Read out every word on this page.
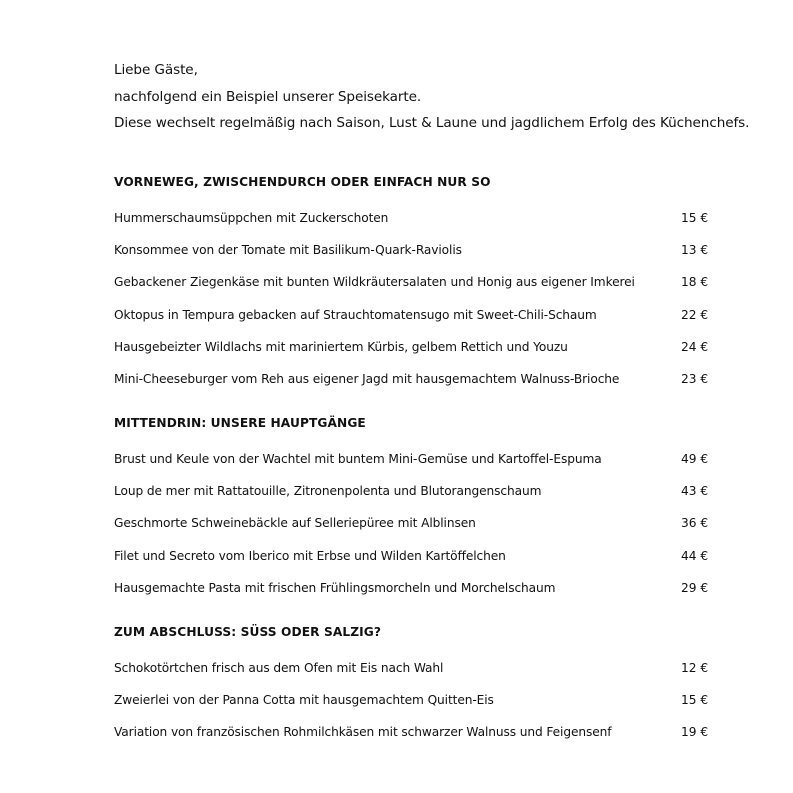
Liebe Gäste,
nachfolgend ein Beispiel unserer Speisekarte.
Diese wechselt regelmäßig nach Saison, Lust & Laune und jagdlichem Erfolg des Küchenchefs.
VORNEWEG, ZWISCHENDURCH ODER EINFACH NUR SO
Hummerschaumsüppchen mit Zuckerschoten	15 €
Konsommee von der Tomate mit Basilikum-Quark-Raviolis	13 €
Gebackener Ziegenkäse mit bunten Wildkräutersalaten und Honig aus eigener Imkerei	18 €
Oktopus in Tempura gebacken auf Strauchtomatensugo mit Sweet-Chili-Schaum	22 €
Hausgebeizter Wildlachs mit mariniertem Kürbis, gelbem Rettich und Youzu	24 €
Mini-Cheeseburger vom Reh aus eigener Jagd mit hausgemachtem Walnuss-Brioche	23 €
MITTENDRIN: UNSERE HAUPTGÄNGE
Brust und Keule von der Wachtel mit buntem Mini-Gemüse und Kartoffel-Espuma	49 €
Loup de mer mit Rattatouille, Zitronenpolenta und Blutorangenschaum	43 €
Geschmorte Schweinebäckle auf Selleriepüree mit Alblinsen	36 €
Filet und Secreto vom Iberico mit Erbse und Wilden Kartöffelchen	44 €
Hausgemachte Pasta mit frischen Frühlingsmorcheln und Morchelschaum	29 €
ZUM ABSCHLUSS: SÜSS ODER SALZIG?
Schokotörtchen frisch aus dem Ofen mit Eis nach Wahl	12 €
Zweierlei von der Panna Cotta mit hausgemachtem Quitten-Eis	15 €
Variation von französischen Rohmilchkäsen mit schwarzer Walnuss und Feigensenf	19 €
